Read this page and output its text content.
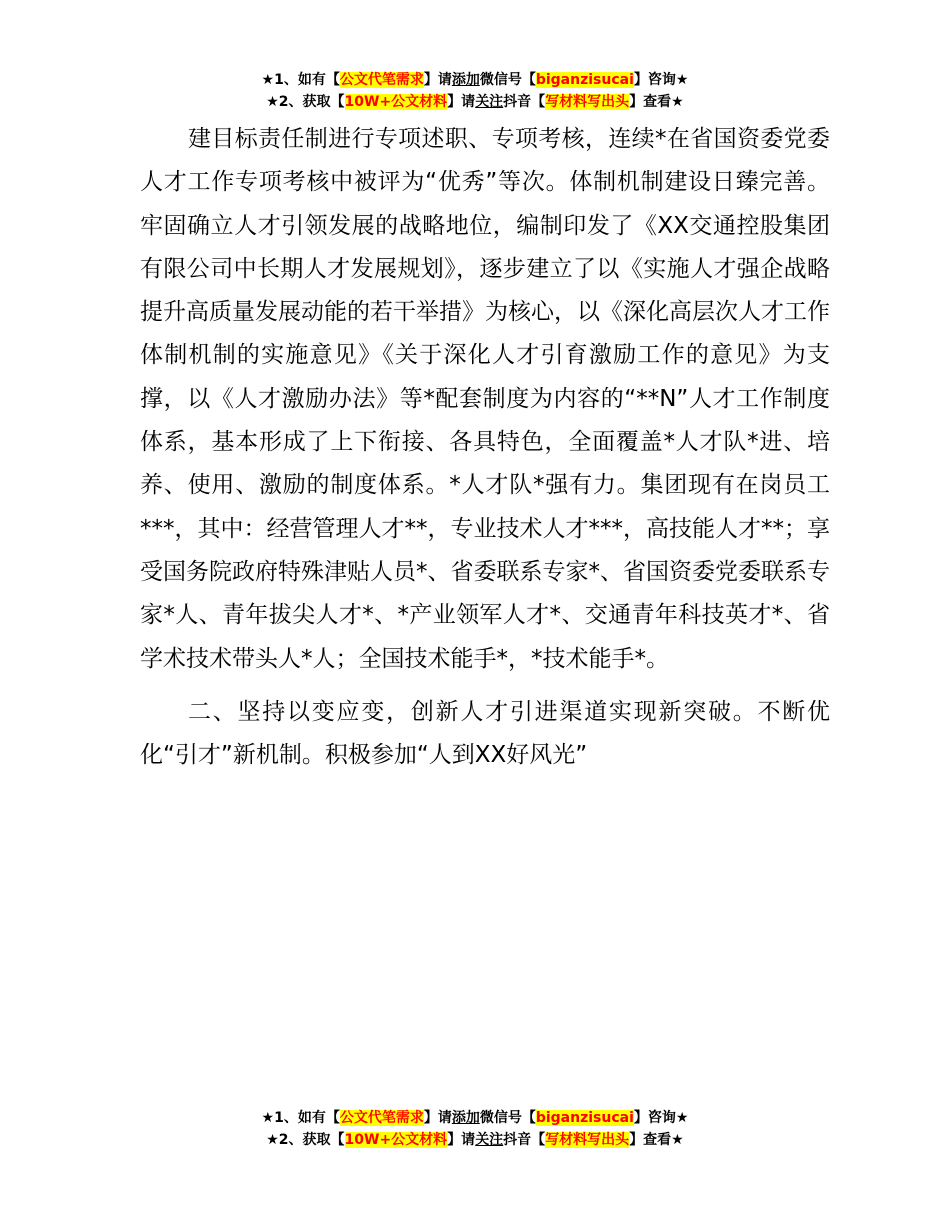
★1、如有【公文代笔需求】请添加微信号【biganzisucai】咨询★
★2、获取【10W+公文材料】请关注抖音【写材料写出头】查看★

建目标责任制进行专项述职、专项考核，连续*在省国资委党委人才工作专项考核中被评为“优秀”等次。体制机制建设日臻完善。牢固确立人才引领发展的战略地位，编制印发了《XX交通控股集团有限公司中长期人才发展规划》，逐步建立了以《实施人才强企战略提升高质量发展动能的若干举措》为核心，以《深化高层次人才工作体制机制的实施意见》《关于深化人才引育激励工作的意见》为支撑，以《人才激励办法》等*配套制度为内容的“**N”人才工作制度体系，基本形成了上下衔接、各具特色，全面覆盖*人才队*进、培养、使用、激励的制度体系。*人才队*强有力。集团现有在岗员工***，其中：经营管理人才**，专业技术人才***，高技能人才**；享受国务院政府特殊津贴人员*、省委联系专家*、省国资委党委联系专家*人、青年拔尖人才*、*产业领军人才*、交通青年科技英才*、省学术技术带头人*人；全国技术能手*，*技术能手*。

二、坚持以变应变，创新人才引进渠道实现新突破。不断优化“引才”新机制。积极参加“人到XX好风光”

★1、如有【公文代笔需求】请添加微信号【biganzisucai】咨询★
★2、获取【10W+公文材料】请关注抖音【写材料写出头】查看★
